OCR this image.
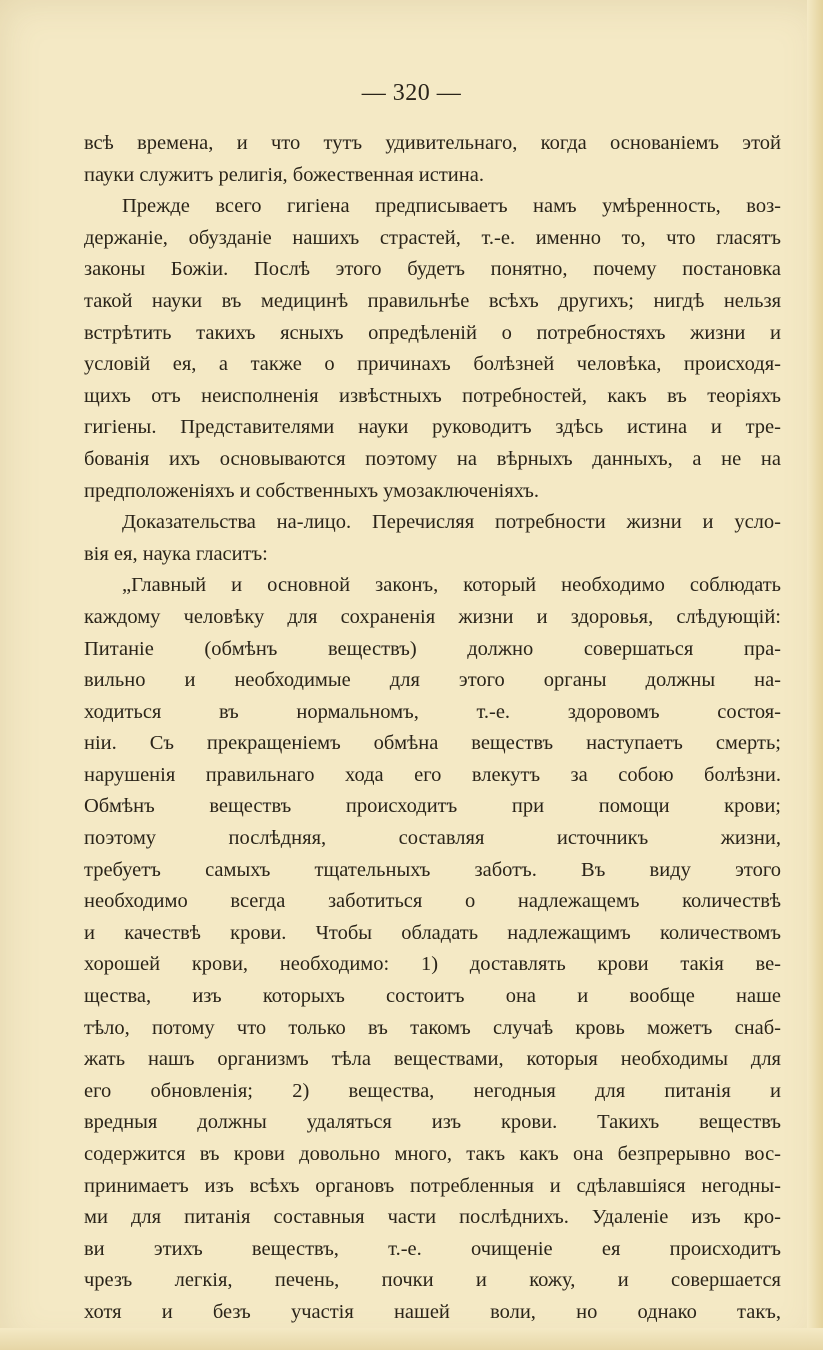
— 320 —
всѣ времена, и что тутъ удивительнаго, когда основаніемъ этой
пауки служитъ религія, божественная истина.
Прежде всего гигіена предписываетъ намъ умѣренность, воз-
держаніе, обузданіе нашихъ страстей, т.-е. именно то, что гласятъ
законы Божіи. Послѣ этого будетъ понятно, почему постановка
такой науки въ медицинѣ правильнѣе всѣхъ другихъ; нигдѣ нельзя
встрѣтить такихъ ясныхъ опредѣленій о потребностяхъ жизни и
условій ея, а также о причинахъ болѣзней человѣка, происходя-
щихъ отъ неисполненія извѣстныхъ потребностей, какъ въ теоріяхъ
гигіены. Представителями науки руководитъ здѣсь истина и тре-
бованія ихъ основываются поэтому на вѣрныхъ данныхъ, а не на
предположеніяхъ и собственныхъ умозаключеніяхъ.
Доказательства на-лицо. Перечисляя потребности жизни и усло-
вія ея, наука гласитъ:
„Главный и основной законъ, который необходимо соблюдать
каждому человѣку для сохраненія жизни и здоровья, слѣдующій:
Питаніе (обмѣнъ веществъ) должно совершаться пра-
вильно и необходимые для этого органы должны на-
ходиться въ нормальномъ, т.-е. здоровомъ состоя-
ніи. Съ прекращеніемъ обмѣна веществъ наступаетъ смерть;
нарушенія правильнаго хода его влекутъ за собою болѣзни.
Обмѣнъ веществъ происходитъ при помощи крови;
поэтому послѣдняя, составляя источникъ жизни,
требуетъ самыхъ тщательныхъ заботъ. Въ виду этого
необходимо всегда заботиться о надлежащемъ количествѣ
и качествѣ крови. Чтобы обладать надлежащимъ количествомъ
хорошей крови, необходимо: 1) доставлять крови такія ве-
щества, изъ которыхъ состоитъ она и вообще наше
тѣло, потому что только въ такомъ случаѣ кровь можетъ снаб-
жать нашъ организмъ тѣла веществами, которыя необходимы для
его обновленія; 2) вещества, негодныя для питанія и
вредныя должны удаляться изъ крови. Такихъ веществъ
содержится въ крови довольно много, такъ какъ она безпрерывно вос-
принимаетъ изъ всѣхъ органовъ потребленныя и сдѣлавшіяся негодны-
ми для питанія составныя части послѣднихъ. Удаленіе изъ кро-
ви этихъ веществъ, т.-е. очищеніе ея происходитъ
чрезъ легкія, печень, почки и кожу, и совершается
хотя и безъ участія нашей воли, но однако такъ,
